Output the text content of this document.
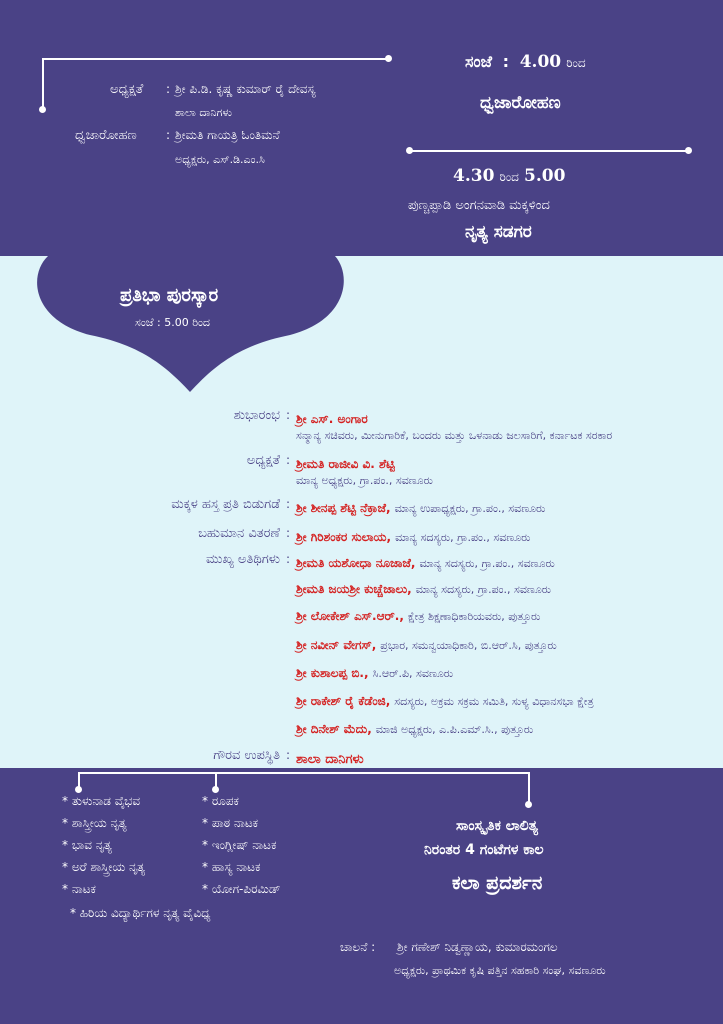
ಅಧ್ಯಕ್ಷತೆ : ಶ್ರೀ ಪಿ.ಡಿ. ಕೃಷ್ಣ ಕುಮಾರ್ ರೈ ದೇವಸ್ಯ
ಶಾಲಾ ದಾನಿಗಳು
ಧ್ವಜಾರೋಹಣ : ಶ್ರೀಮತಿ ಗಾಯತ್ರಿ ಓಂತಿಮನೆ
ಅಧ್ಯಕ್ಷರು, ಎಸ್.ಡಿ.ಎಂ.ಸಿ
ಸಂಜೆ  :  4.00 ರಿಂದ
ಧ್ವಜಾರೋಹಣ
4.30 ರಿಂದ 5.00
ಪುಣ್ಚಪ್ಪಾಡಿ ಅಂಗನವಾಡಿ ಮಕ್ಕಳಿಂದ
ನೃತ್ಯ ಸಡಗರ
ಪ್ರತಿಭಾ ಪುರಸ್ಕಾರ
ಸಂಜೆ : 5.00 ರಿಂದ
ಶುಭಾರಂಭ : ಶ್ರೀ ಎಸ್. ಅಂಗಾರ
ಸನ್ಮಾನ್ಯ ಸಚಿವರು, ಮೀನುಗಾರಿಕೆ, ಬಂದರು ಮತ್ತು ಒಳನಾಡು ಜಲಸಾರಿಗೆ, ಕರ್ನಾಟಕ ಸರಕಾರ
ಅಧ್ಯಕ್ಷತೆ : ಶ್ರೀಮತಿ ರಾಜೀವಿ ವಿ. ಶೆಟ್ಟಿ
ಮಾನ್ಯ ಅಧ್ಯಕ್ಷರು, ಗ್ರಾ.ಪಂ., ಸವಣೂರು
ಮಕ್ಕಳ ಹಸ್ತ ಪ್ರತಿ ಬಿಡುಗಡೆ : ಶ್ರೀ ಶೀನಪ್ಪ ಶೆಟ್ಟಿ ನೆಕ್ರಾಜೆ, ಮಾನ್ಯ ಉಪಾಧ್ಯಕ್ಷರು, ಗ್ರಾ.ಪಂ., ಸವಣೂರು
ಬಹುಮಾನ ವಿತರಣೆ : ಶ್ರೀ ಗಿರಿಶಂಕರ ಸುಲಾಯ, ಮಾನ್ಯ ಸದಸ್ಯರು, ಗ್ರಾ.ಪಂ., ಸವಣೂರು
ಮುಖ್ಯ ಅತಿಥಿಗಳು : ಶ್ರೀಮತಿ ಯಶೋಧಾ ನೂಜಾಜೆ, ಮಾನ್ಯ ಸದಸ್ಯರು, ಗ್ರಾ.ಪಂ., ಸವಣೂರು
ಶ್ರೀಮತಿ ಜಯಶ್ರೀ ಕುಚ್ಚೆಜಾಲು, ಮಾನ್ಯ ಸದಸ್ಯರು, ಗ್ರಾ.ಪಂ., ಸವಣೂರು
ಶ್ರೀ ಲೋಕೇಶ್ ಎಸ್.ಆರ್., ಕ್ಷೇತ್ರ ಶಿಕ್ಷಣಾಧಿಕಾರಿಯವರು, ಪುತ್ತೂರು
ಶ್ರೀ ನವೀನ್ ವೇಗಸ್, ಪ್ರಭಾರ, ಸಮನ್ವಯಾಧಿಕಾರಿ, ಬಿ.ಆರ್.ಸಿ, ಪುತ್ತೂರು
ಶ್ರೀ ಕುಶಾಲಪ್ಪ ಬಿ., ಸಿ.ಆರ್.ಪಿ, ಸವಣೂರು
ಶ್ರೀ ರಾಕೇಶ್ ರೈ ಕೆಡೆಂಜಿ, ಸದಸ್ಯರು, ಅಕ್ರಮ ಸಕ್ರಮ ಸಮಿತಿ, ಸುಳ್ಯ ವಿಧಾನಸಭಾ ಕ್ಷೇತ್ರ
ಶ್ರೀ ದಿನೇಶ್ ಮೆದು, ಮಾಜಿ ಅಧ್ಯಕ್ಷರು, ಎ.ಪಿ.ಎಮ್.ಸಿ., ಪುತ್ತೂರು
ಗೌರವ ಉಪಸ್ಥಿತಿ : ಶಾಲಾ ದಾನಿಗಳು
* ತುಳುನಾಡ ವೈಭವ
* ಶಾಸ್ತ್ರೀಯ ನೃತ್ಯ
* ಭಾವ ನೃತ್ಯ
* ಅರೆ ಶಾಸ್ತ್ರೀಯ ನೃತ್ಯ
* ನಾಟಕ
* ರೂಪಕ
* ಪಾಠ ನಾಟಕ
* ಇಂಗ್ಲೀಷ್ ನಾಟಕ
* ಹಾಸ್ಯ ನಾಟಕ
* ಯೋಗ-ಪಿರಮಿಡ್
* ಹಿರಿಯ ವಿದ್ಯಾರ್ಥಿಗಳ ನೃತ್ಯ ವೈವಿಧ್ಯ
ಸಾಂಸ್ಕೃತಿಕ ಲಾಲಿತ್ಯ
ನಿರಂತರ 4 ಗಂಟೆಗಳ ಕಾಲ
ಕಲಾ ಪ್ರದರ್ಶನ
ಚಾಲನೆ : ಶ್ರೀ ಗಣೇಶ್ ನಿಡ್ವಣ್ಣಾಯ, ಕುಮಾರಮಂಗಲ
ಅಧ್ಯಕ್ಷರು, ಪ್ರಾಥಮಿಕ ಕೃಷಿ ಪತ್ತಿನ ಸಹಕಾರಿ ಸಂಘ, ಸವಣೂರು
